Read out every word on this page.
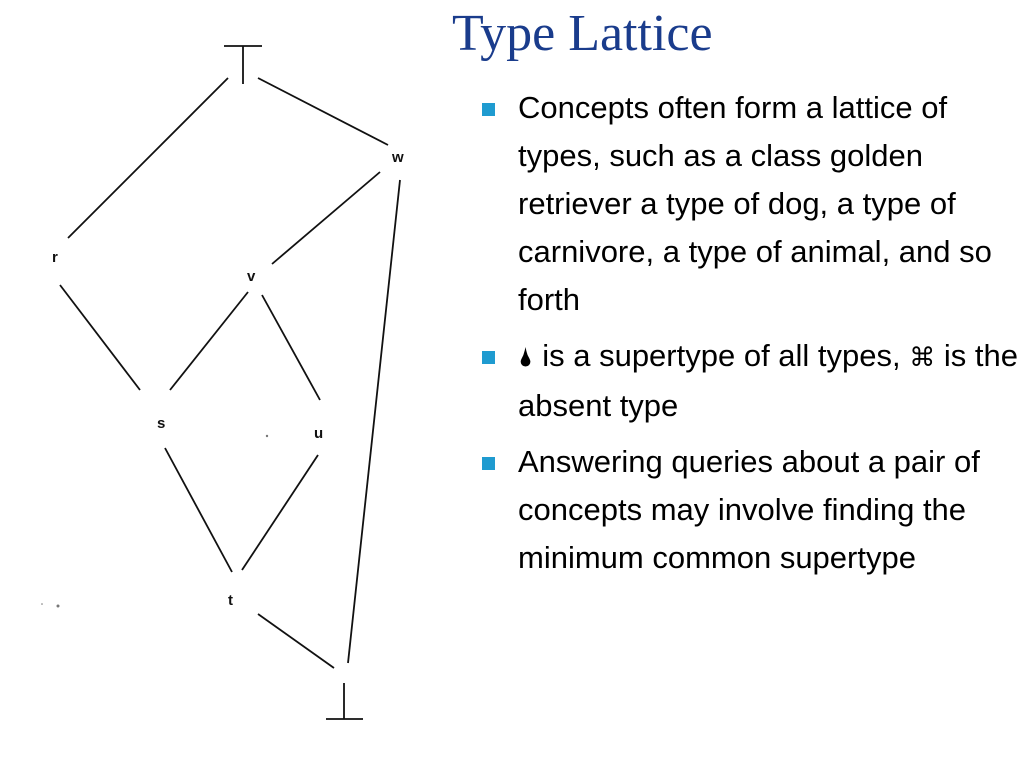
Type Lattice
w
r
v
s
u
t
Concepts often form a lattice of types, such as a class golden retriever a type of dog, a type of carnivore, a type of animal, and so forth
🌢 is a supertype of all types, ⌘ is the absent type
Answering queries about a pair of concepts may involve finding the minimum common supertype
